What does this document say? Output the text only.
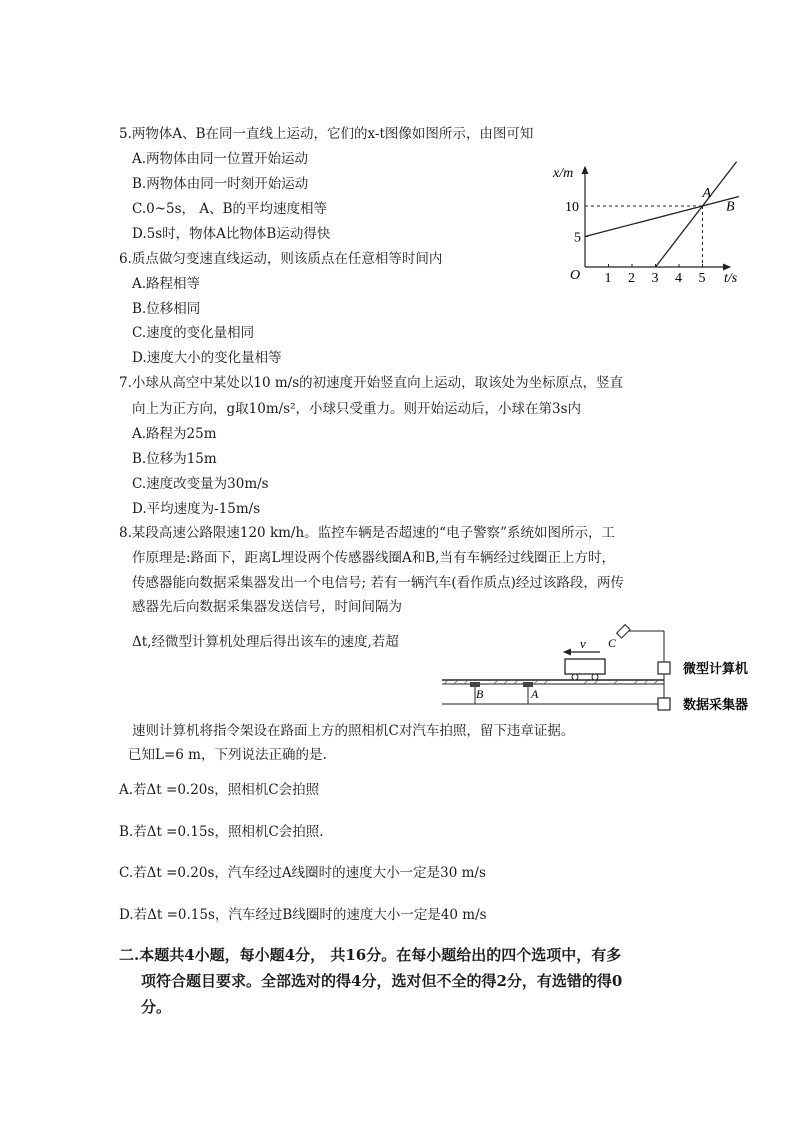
5.两物体A、B在同一直线上运动，它们的x-t图像如图所示，由图可知
A.两物体由同一位置开始运动
B.两物体由同一时刻开始运动
C.0~5s， A、B的平均速度相等
D.5s时，物体A比物体B运动得快
6.质点做匀变速直线运动，则该质点在任意相等时间内
A.路程相等
B.位移相同
C.速度的变化量相同
D.速度大小的变化量相等
7.小球从高空中某处以10 m/s的初速度开始竖直向上运动，取该处为坐标原点，竖直
向上为正方向，g取10m/s²，小球只受重力。则开始运动后，小球在第3s内
A.路程为25m
B.位移为15m
C.速度改变量为30m/s
D.平均速度为-15m/s
8.某段高速公路限速120 km/h。监控车辆是否超速的“电子警察”系统如图所示，工
作原理是:路面下，距离L埋设两个传感器线圈A和B,当有车辆经过线圈正上方时，
传感器能向数据采集器发出一个电信号; 若有一辆汽车(看作质点)经过该路段，两传
感器先后向数据采集器发送信号，时间间隔为
Δt,经微型计算机处理后得出该车的速度,若超
速则计算机将指令架设在路面上方的照相机C对汽车拍照，留下违章证据。
已知L=6 m，下列说法正确的是.
A.若Δt =0.20s，照相机C会拍照
B.若Δt =0.15s，照相机C会拍照.
C.若Δt =0.20s，汽车经过A线圈时的速度大小一定是30 m/s
D.若Δt =0.15s，汽车经过B线圈时的速度大小一定是40 m/s
二.本题共4小题，每小题4分， 共16分。在每小题给出的四个选项中，有多
项符合题目要求。全部选对的得4分，选对但不全的得2分，有选错的得0
分。
x/m
t/s
O 1 2 3 4 5
5
10
A
B
B	A
v C
微型计算机
数据采集器
